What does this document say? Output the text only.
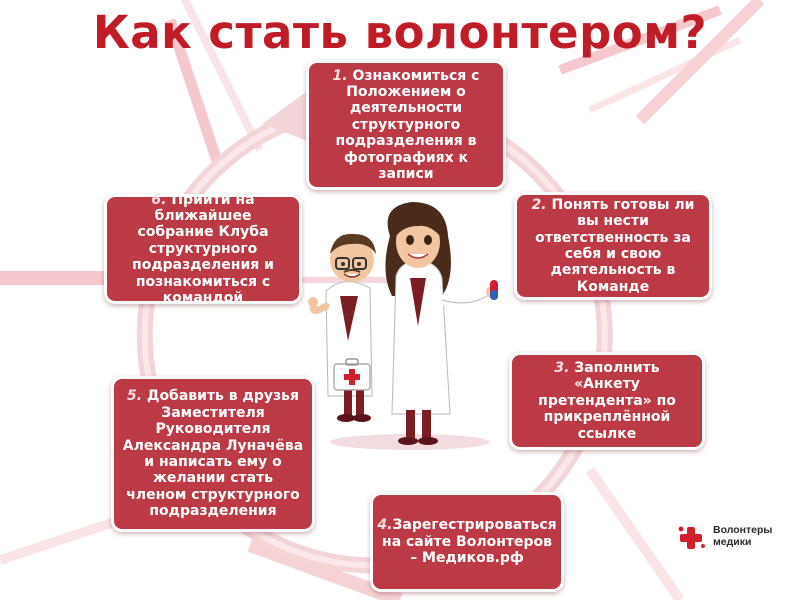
Как стать волонтером?
1. Ознакомиться с Положением о деятельности структурного подразделения в фотографиях к записи
2. Понять готовы ли вы нести ответственность за себя и свою деятельность в Команде
3. Заполнить «Анкету претендента» по прикреплённой ссылке
4.Зарегестрироваться на сайте Волонтеров – Медиков.рф
5. Добавить в друзья Заместителя Руководителя Александра Луначёва и написать ему о желании стать членом структурного подразделения
6. Прийти на ближайшее собрание Клуба структурного подразделения и познакомиться с командой
Волонтеры
медики
